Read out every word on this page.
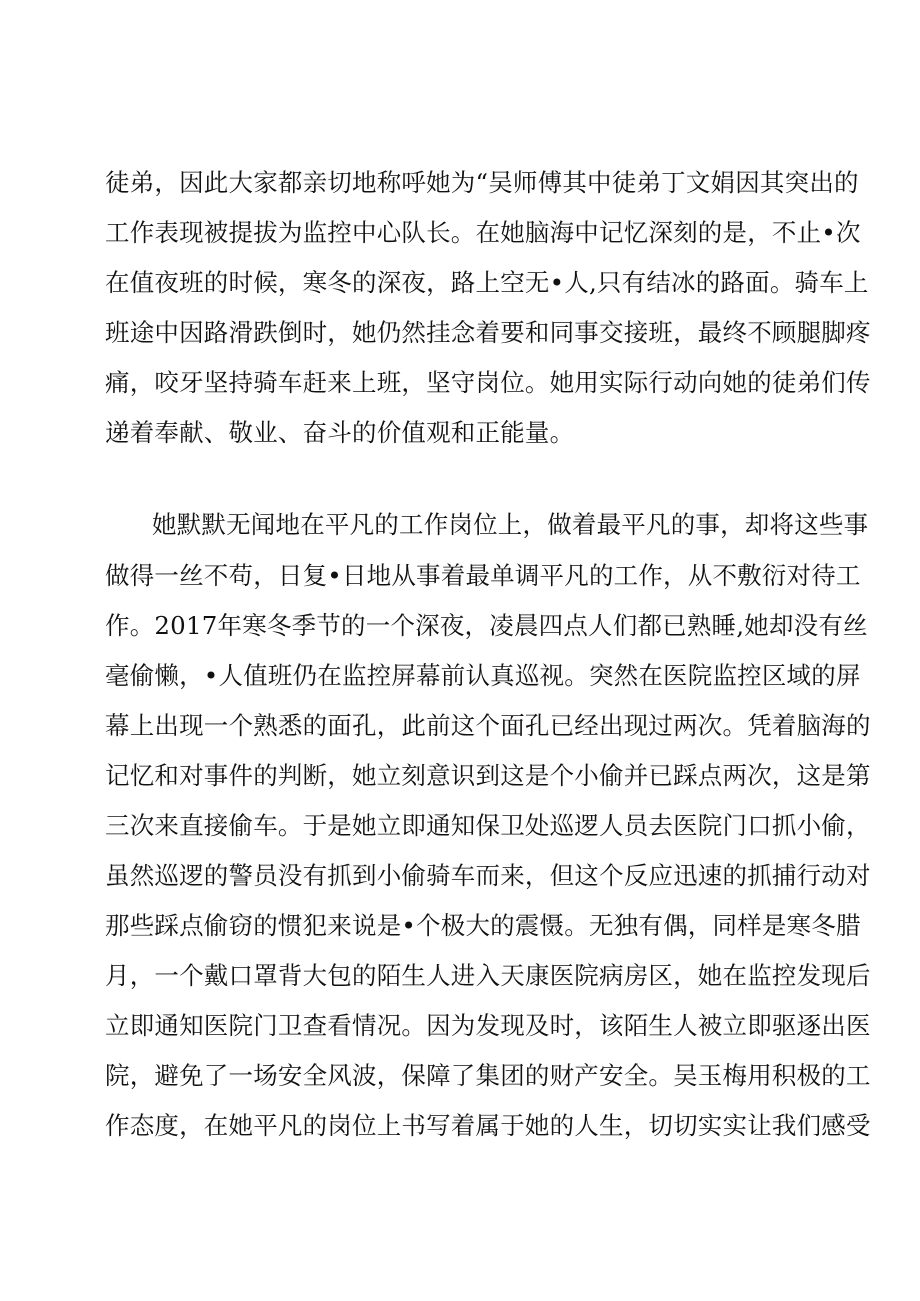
徒弟，因此大家都亲切地称呼她为“吴师傅其中徒弟丁文娟因其突出的
工作表现被提拔为监控中心队长。在她脑海中记忆深刻的是，不止•次
在值夜班的时候，寒冬的深夜，路上空无•人,只有结冰的路面。骑车上
班途中因路滑跌倒时，她仍然挂念着要和同事交接班，最终不顾腿脚疼
痛，咬牙坚持骑车赶来上班，坚守岗位。她用实际行动向她的徒弟们传
递着奉献、敬业、奋斗的价值观和正能量。
她默默无闻地在平凡的工作岗位上，做着最平凡的事，却将这些事
做得一丝不苟，日复•日地从事着最单调平凡的工作，从不敷衍对待工
作。2017年寒冬季节的一个深夜，凌晨四点人们都已熟睡,她却没有丝
毫偷懒，•人值班仍在监控屏幕前认真巡视。突然在医院监控区域的屏
幕上出现一个熟悉的面孔，此前这个面孔已经出现过两次。凭着脑海的
记忆和对事件的判断，她立刻意识到这是个小偷并已踩点两次，这是第
三次来直接偷车。于是她立即通知保卫处巡逻人员去医院门口抓小偷，
虽然巡逻的警员没有抓到小偷骑车而来，但这个反应迅速的抓捕行动对
那些踩点偷窃的惯犯来说是•个极大的震慑。无独有偶，同样是寒冬腊
月，一个戴口罩背大包的陌生人进入天康医院病房区，她在监控发现后
立即通知医院门卫查看情况。因为发现及时，该陌生人被立即驱逐出医
院，避免了一场安全风波，保障了集团的财产安全。吴玉梅用积极的工
作态度，在她平凡的岗位上书写着属于她的人生，切切实实让我们感受
